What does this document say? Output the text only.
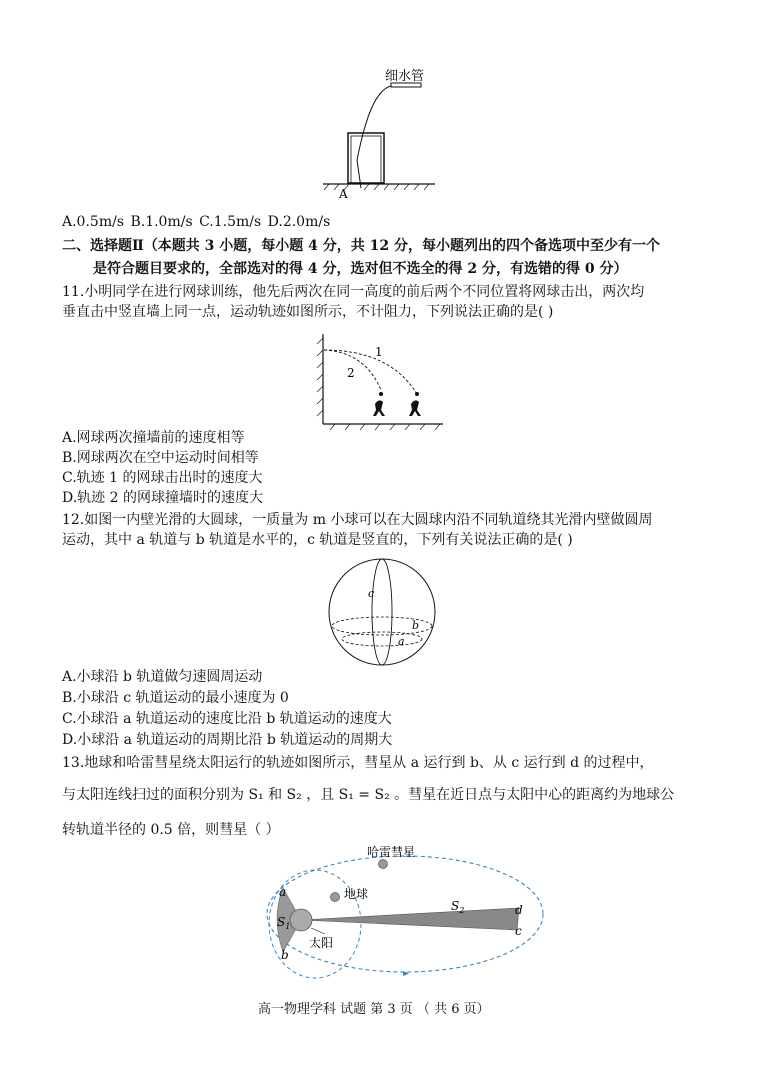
细水管
A
A.0.5m/s B.1.0m/s C.1.5m/s D.2.0m/s
二、选择题Ⅱ（本题共 3 小题，每小题 4 分，共 12 分，每小题列出的四个备选项中至少有一个
是符合题目要求的，全部选对的得 4 分，选对但不选全的得 2 分，有选错的得 0 分）
11.小明同学在进行网球训练，他先后两次在同一高度的前后两个不同位置将网球击出，两次均
垂直击中竖直墙上同一点，运动轨迹如图所示，不计阻力，下列说法正确的是( )
1
2
A.网球两次撞墙前的速度相等
B.网球两次在空中运动时间相等
C.轨迹 1 的网球击出时的速度大
D.轨迹 2 的网球撞墙时的速度大
12.如图一内壁光滑的大圆球，一质量为 m 小球可以在大圆球内沿不同轨道绕其光滑内壁做圆周
运动，其中 a 轨道与 b 轨道是水平的，c 轨道是竖直的，下列有关说法正确的是( )
c
b
a
A.小球沿 b 轨道做匀速圆周运动
B.小球沿 c 轨道运动的最小速度为 0
C.小球沿 a 轨道运动的速度比沿 b 轨道运动的速度大
D.小球沿 a 轨道运动的周期比沿 b 轨道运动的周期大
13.地球和哈雷彗星绕太阳运行的轨迹如图所示，彗星从 a 运行到 b、从 c 运行到 d 的过程中，
与太阳连线扫过的面积分别为 S₁ 和 S₂ ，且 S₁ = S₂ 。彗星在近日点与太阳中心的距离约为地球公
转轨道半径的 0.5 倍，则彗星（ ）
哈雷彗星
地球
太阳
a
b
c
d
$S_1$
$S_2$
高一物理学科 试题 第 3 页 （ 共 6 页）
